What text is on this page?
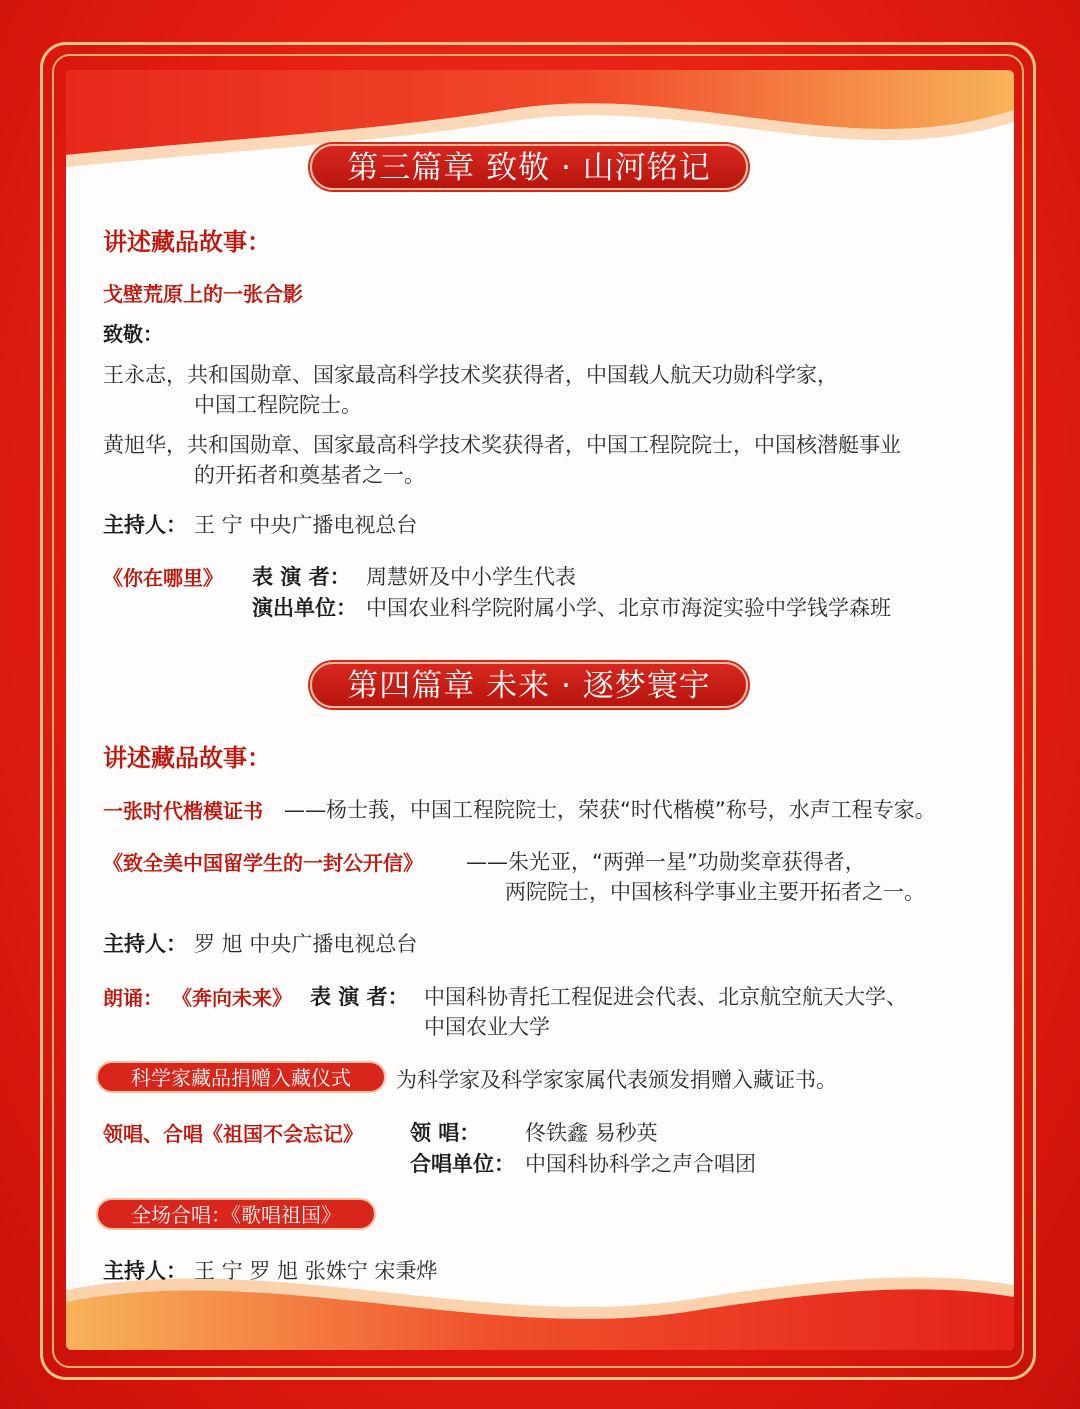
第三篇章 致敬 · 山河铭记
讲述藏品故事：
戈壁荒原上的一张合影
致敬：
王永志，共和国勋章、国家最高科学技术奖获得者，中国载人航天功勋科学家，
中国工程院院士。
黄旭华，共和国勋章、国家最高科学技术奖获得者，中国工程院院士，中国核潜艇事业
的开拓者和奠基者之一。
主持人： 王 宁 中央广播电视总台
《你在哪里》 表 演 者： 周慧妍及中小学生代表
演出单位： 中国农业科学院附属小学、北京市海淀实验中学钱学森班
第四篇章 未来 · 逐梦寰宇
讲述藏品故事：
一张时代楷模证书 ——杨士莪，中国工程院院士，荣获“时代楷模”称号，水声工程专家。
《致全美中国留学生的一封公开信》 ——朱光亚，“两弹一星”功勋奖章获得者，
两院院士，中国核科学事业主要开拓者之一。
主持人： 罗 旭 中央广播电视总台
朗诵： 《奔向未来》 表 演 者： 中国科协青托工程促进会代表、北京航空航天大学、
中国农业大学
科学家藏品捐赠入藏仪式	为科学家及科学家家属代表颁发捐赠入藏证书。
领唱、合唱《祖国不会忘记》 领 唱： 佟铁鑫 易秒英
合唱单位： 中国科协科学之声合唱团
全场合唱：《歌唱祖国》
主持人： 王 宁 罗 旭 张姝宁 宋秉烨
